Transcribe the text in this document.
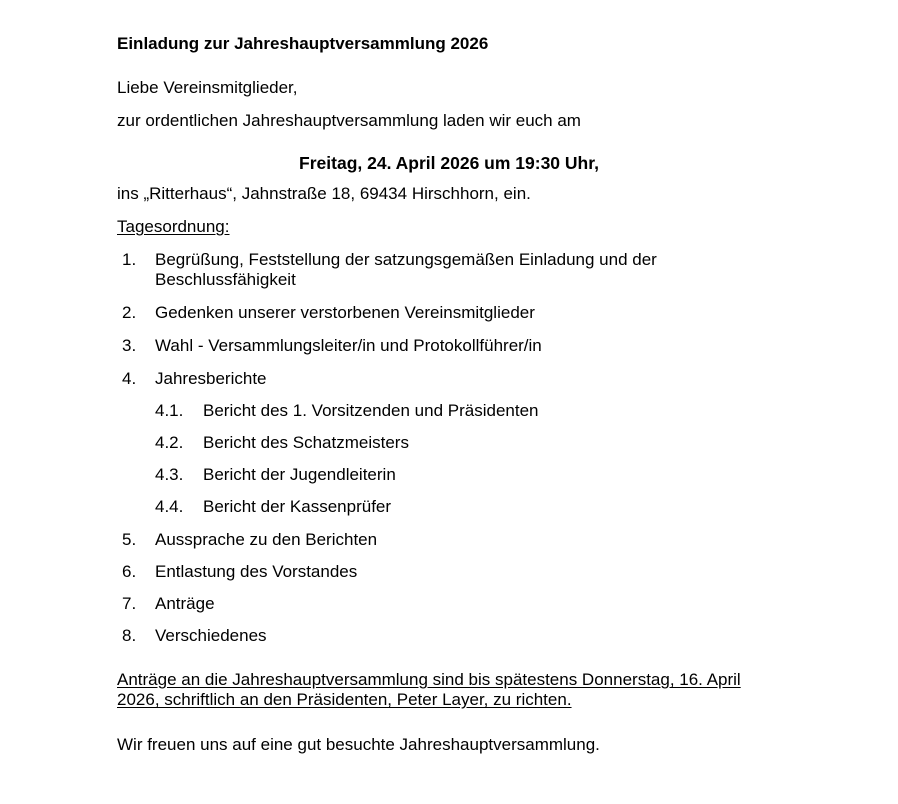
Einladung zur Jahreshauptversammlung 2026
Liebe Vereinsmitglieder,
zur ordentlichen Jahreshauptversammlung laden wir euch am
Freitag, 24. April 2026 um 19:30 Uhr,
ins „Ritterhaus“, Jahnstraße 18, 69434 Hirschhorn, ein.
Tagesordnung:
1. Begrüßung, Feststellung der satzungsgemäßen Einladung und der Beschlussfähigkeit
2. Gedenken unserer verstorbenen Vereinsmitglieder
3. Wahl - Versammlungsleiter/in und Protokollführer/in
4. Jahresberichte
4.1. Bericht des 1. Vorsitzenden und Präsidenten
4.2. Bericht des Schatzmeisters
4.3. Bericht der Jugendleiterin
4.4. Bericht der Kassenprüfer
5. Aussprache zu den Berichten
6. Entlastung des Vorstandes
7. Anträge
8. Verschiedenes
Anträge an die Jahreshauptversammlung sind bis spätestens Donnerstag, 16. April 2026, schriftlich an den Präsidenten, Peter Layer, zu richten.
Wir freuen uns auf eine gut besuchte Jahreshauptversammlung.
